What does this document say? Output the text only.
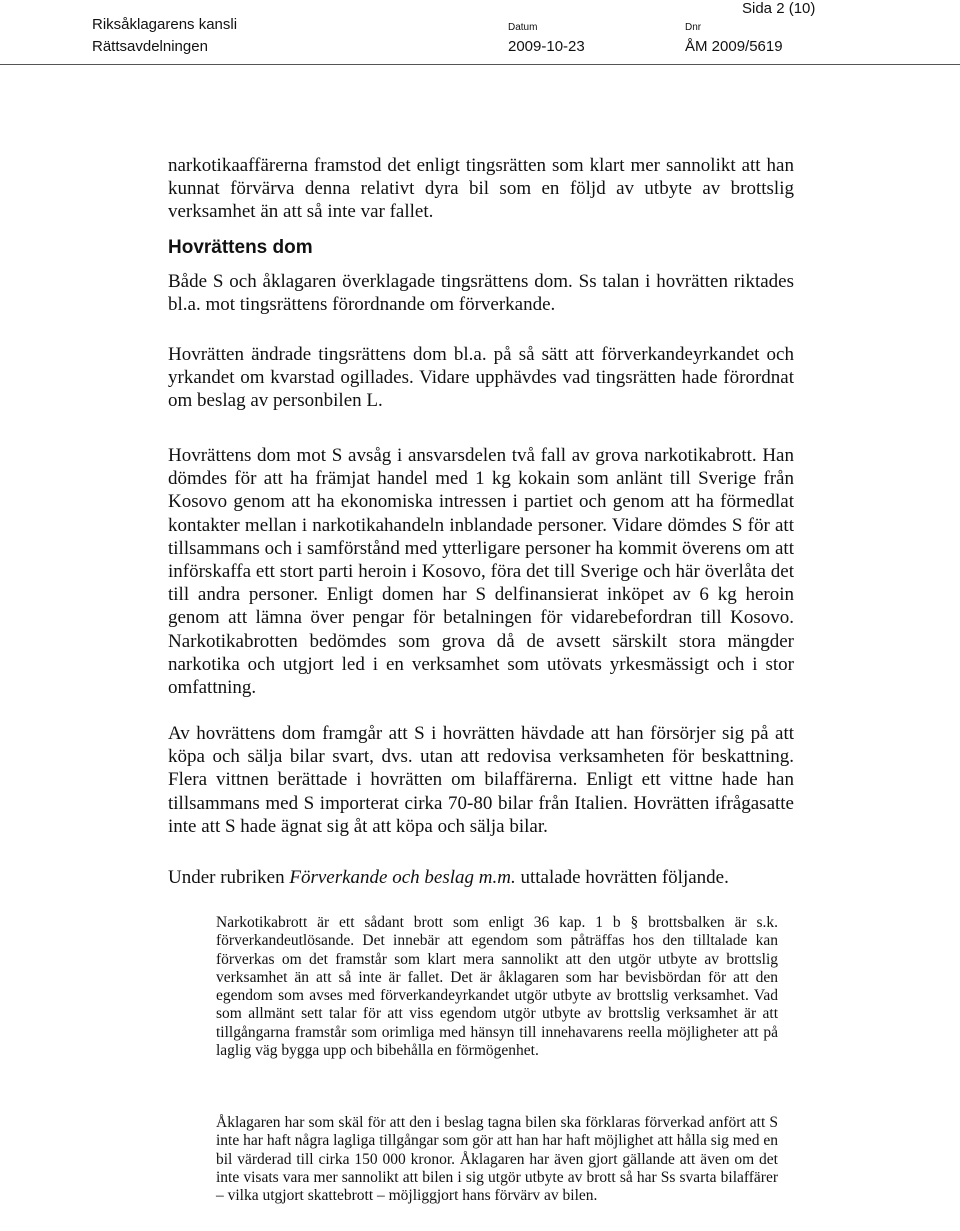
Riksåklagarens kansli
Rättsavdelningen
Datum
2009-10-23
Dnr
ÅM 2009/5619
Sida 2 (10)

narkotikaaffärerna framstod det enligt tingsrätten som klart mer sannolikt att han kunnat förvärva denna relativt dyra bil som en följd av utbyte av brottslig verksamhet än att så inte var fallet.

Hovrättens dom

Både S och åklagaren överklagade tingsrättens dom. Ss talan i hovrätten riktades bl.a. mot tingsrättens förordnande om förverkande.

Hovrätten ändrade tingsrättens dom bl.a. på så sätt att förverkandeyrkandet och yrkandet om kvarstad ogillades. Vidare upphävdes vad tingsrätten hade förordnat om beslag av personbilen L.

Hovrättens dom mot S avsåg i ansvarsdelen två fall av grova narkotikabrott. Han dömdes för att ha främjat handel med 1 kg kokain som anlänt till Sverige från Kosovo genom att ha ekonomiska intressen i partiet och genom att ha förmedlat kontakter mellan i narkotikahandeln inblandade personer. Vidare dömdes S för att tillsammans och i samförstånd med ytterligare personer ha kommit överens om att införskaffa ett stort parti heroin i Kosovo, föra det till Sverige och här överlåta det till andra personer. Enligt domen har S delfinansierat inköpet av 6 kg heroin genom att lämna över pengar för betalningen för vidarebefordran till Kosovo. Narkotikabrotten bedömdes som grova då de avsett särskilt stora mängder narkotika och utgjort led i en verksamhet som utövats yrkesmässigt och i stor omfattning.

Av hovrättens dom framgår att S i hovrätten hävdade att han försörjer sig på att köpa och sälja bilar svart, dvs. utan att redovisa verksamheten för beskattning. Flera vittnen berättade i hovrätten om bilaffärerna. Enligt ett vittne hade han tillsammans med S importerat cirka 70-80 bilar från Italien. Hovrätten ifrågasatte inte att S hade ägnat sig åt att köpa och sälja bilar.

Under rubriken Förverkande och beslag m.m. uttalade hovrätten följande.

Narkotikabrott är ett sådant brott som enligt 36 kap. 1 b § brottsbalken är s.k. förverkandeutlösande. Det innebär att egendom som påträffas hos den tilltalade kan förverkas om det framstår som klart mera sannolikt att den utgör utbyte av brottslig verksamhet än att så inte är fallet. Det är åklagaren som har bevisbördan för att den egendom som avses med förverkandeyrkandet utgör utbyte av brottslig verksamhet. Vad som allmänt sett talar för att viss egendom utgör utbyte av brottslig verksamhet är att tillgångarna framstår som orimliga med hänsyn till innehavarens reella möjligheter att på laglig väg bygga upp och bibehålla en förmögenhet.

Åklagaren har som skäl för att den i beslag tagna bilen ska förklaras förverkad anfört att S inte har haft några lagliga tillgångar som gör att han har haft möjlighet att hålla sig med en bil värderad till cirka 150 000 kronor. Åklagaren har även gjort gällande att även om det inte visats vara mer sannolikt att bilen i sig utgör utbyte av brott så har Ss svarta bilaffärer – vilka utgjort skattebrott – möjliggjort hans förvärv av bilen.
